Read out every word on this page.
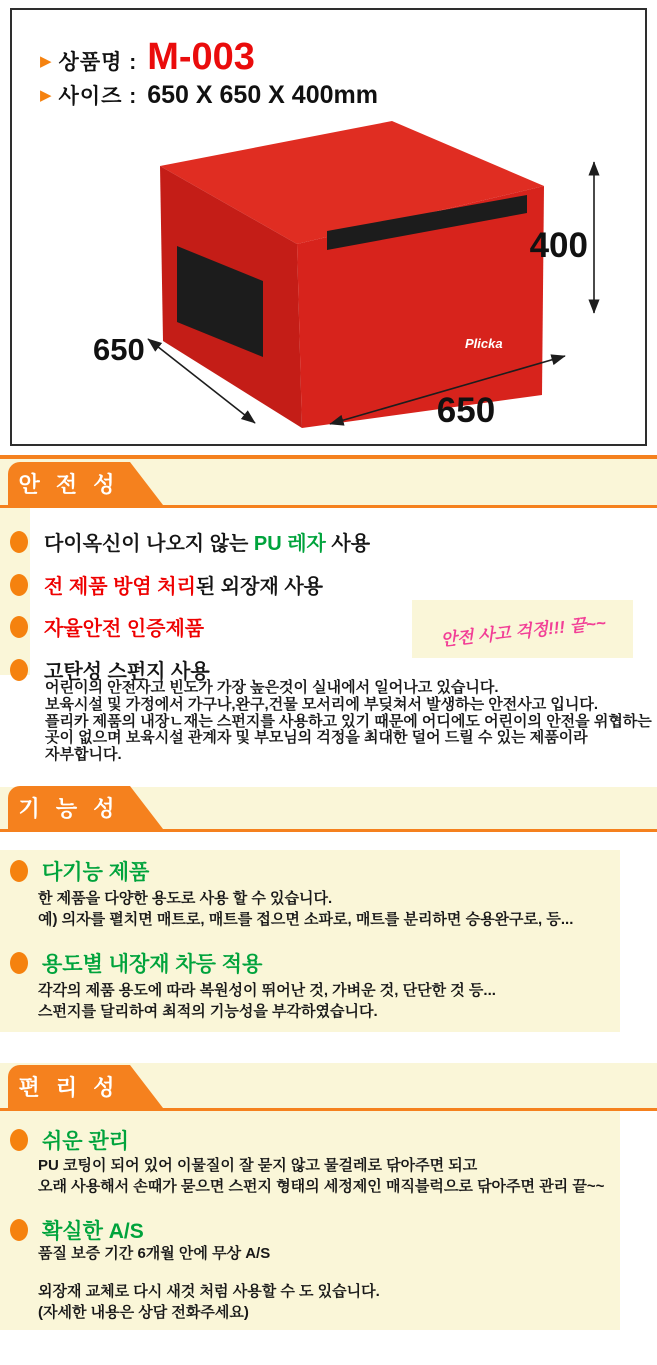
▶ 상품명 : M-003
▶ 사이즈 : 650 X 650 X 400mm
Plicka
400
650
650
안 전 성
다이옥신이 나오지 않는 PU 레자 사용
전 제품 방염 처리된 외장재 사용
자율안전 인증제품
고탄성 스펀지 사용
어린이의 안전사고 빈도가 가장 높은것이 실내에서 일어나고 있습니다.
보육시설 및 가정에서 가구나,완구,건물 모서리에 부딪쳐서 발생하는 안전사고 입니다.
플리카 제품의 내장ㄴ재는 스펀지를 사용하고 있기 때문에 어디에도 어린이의 안전을 위협하는
곳이 없으며 보육시설 관계자 및 부모님의 걱정을 최대한 덜어 드릴 수 있는 제품이라
자부합니다.
안전 사고 걱정!!! 끝~~
기 능 성
다기능 제품
한 제품을 다양한 용도로 사용 할 수 있습니다.
예) 의자를 펼치면 매트로, 매트를 접으면 소파로, 매트를 분리하면 승용완구로, 등...
용도별 내장재 차등 적용
각각의 제품 용도에 따라 복원성이 뛰어난 것, 가벼운 것, 단단한 것 등...
스펀지를 달리하여 최적의 기능성을 부각하였습니다.
편 리 성
쉬운 관리
PU 코팅이 되어 있어 이물질이 잘 묻지 않고 물걸레로 닦아주면 되고
오래 사용해서 손때가 묻으면 스펀지 형태의 세정제인 매직블럭으로 닦아주면 관리 끝~~
확실한 A/S
품질 보증 기간 6개월 안에 무상 A/S
외장재 교체로 다시 새것 처럼 사용할 수 도 있습니다.
(자세한 내용은 상담 전화주세요)
